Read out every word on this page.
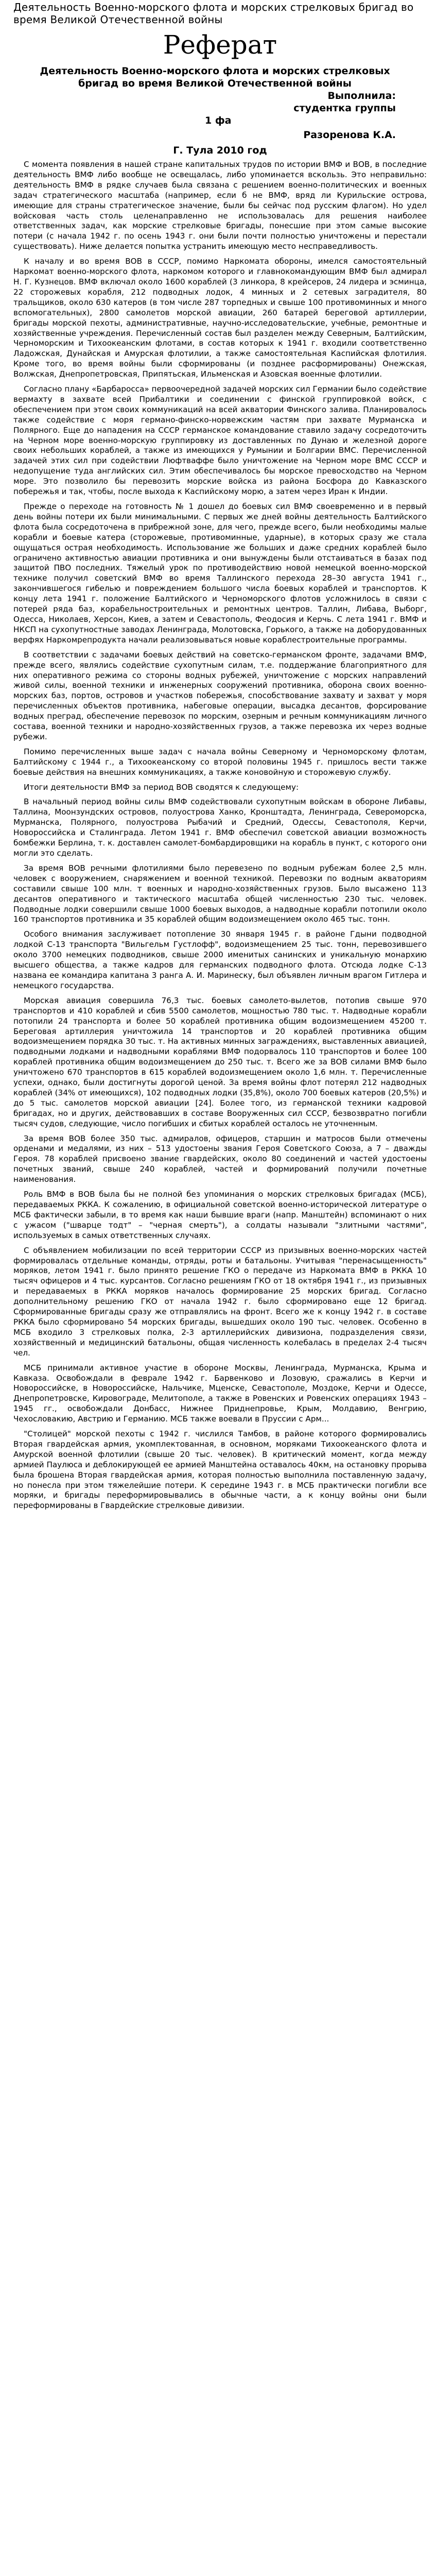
Деятельность Военно-морского флота и морских стрелковых бригад во время Великой Отечественной войны
Реферат
Деятельность Военно-морского флота и морских стрелковых бригад во время Великой Отечественной войны
Выполнила:
студентка группы
1 фа
Разоренова К.А.
Г. Тула 2010 год

С момента появления в нашей стране капитальных трудов по истории ВМФ и ВОВ, в последние деятельность ВМФ либо вообще не освещалась, либо упоминается вскользь. Это неправильно: деятельность ВМФ в рядке случаев была связана с решением военно-политических и военных задач стратегического масштаба (например, если б не ВМФ, вряд ли Курильские острова, имеющие для страны стратегическое значение, были бы сейчас под русским флагом). Но удел войсковая часть столь целенаправленно не использовалась для решения наиболее ответственных задач, как морские стрелковые бригады, понесшие при этом самые высокие потери (с начала 1942 г. по осень 1943 г. они были почти полностью уничтожены и перестали существовать). Ниже делается попытка устранить имеющую место несправедливость.

К началу и во время ВОВ в СССР, помимо Наркомата обороны, имелся самостоятельный Наркомат военно-морского флота, наркомом которого и главнокомандующим ВМФ был адмирал Н. Г. Кузнецов. ВМФ включал около 1600 кораблей (3 линкора, 8 крейсеров, 24 лидера и эсминца, 22 сторожевых корабля, 212 подводных лодок, 4 минных и 2 сетевых заградителя, 80 тральщиков, около 630 катеров (в том числе 287 торпедных и свыше 100 противоминных и много вспомогательных), 2800 самолетов морской авиации, 260 батарей береговой артиллерии, бригады морской пехоты, административные, научно-исследовательские, учебные, ремонтные и хозяйственные учреждения. Перечисленный состав был разделен между Северным, Балтийским, Черноморским и Тихоокеанским флотами, в состав которых к 1941 г. входили соответственно Ладожская, Дунайская и Амурская флотилии, а также самостоятельная Каспийская флотилия. Кроме того, во время войны были сформированы (и позднее расформированы) Онежская, Волжская, Днепропетровская, Припятьская, Ильменская и Азовская военные флотилии.

Согласно плану «Барбаросса» первоочередной задачей морских сил Германии было содействие вермахту в захвате всей Прибалтики и соединении с финской группировкой войск, с обеспечением при этом своих коммуникаций на всей акватории Финского залива. Планировалось также содействие с моря германо-финско-норвежским частям при захвате Мурманска и Полярного. Еще до нападения на СССР германское командование ставило задачу сосредоточить на Черном море военно-морскую группировку из доставленных по Дунаю и железной дороге своих небольших кораблей, а также из имеющихся у Румынии и Болгарии ВМС. Перечисленной задачей этих сил при содействии Люфтваффе было уничтожение на Черном море ВМС СССР и недопущение туда английских сил. Этим обеспечивалось бы морское превосходство на Черном море. Это позволило бы перевозить морские войска из района Босфора до Кавказского побережья и так, чтобы, после выхода к Каспийскому морю, а затем через Иран к Индии.

Прежде о переходе на готовность № 1 дошел до боевых сил ВМФ своевременно и в первый день войны потери их были минимальными. С первых же дней войны деятельность Балтийского флота была сосредоточена в прибрежной зоне, для чего, прежде всего, были необходимы малые корабли и боевые катера (сторожевые, противоминные, ударные), в которых сразу же стала ощущаться острая необходимость. Использование же больших и даже средних кораблей было ограничено активностью авиации противника и они вынуждены были отстаиваться в базах под защитой ПВО последних. Тяжелый урок по противодействию новой немецкой военно-морской технике получил советский ВМФ во время Таллинского перехода 28–30 августа 1941 г., закончившегося гибелью и повреждением большого числа боевых кораблей и транспортов. К концу лета 1941 г. положение Балтийского и Черноморского флотов усложнилось в связи с потерей ряда баз, корабельностроительных и ремонтных центров. Таллин, Либава, Выборг, Одесса, Николаев, Херсон, Киев, а затем и Севастополь, Феодосия и Керчь. С лета 1941 г. ВМФ и НКСП на сухопутностные заводах Ленинграда, Молотовска, Горького, а также на доборудованных верфях Наркомрепродукта начали реализовываться новые кораблестроительные программы.

В соответствии с задачами боевых действий на советско-германском фронте, задачами ВМФ, прежде всего, являлись содействие сухопутным силам, т.е. поддержание благоприятного для них оперативного режима со стороны водных рубежей, уничтожение с морских направлений живой силы, военной техники и инженерных сооружений противника, оборона своих военно-морских баз, портов, островов и участков побережья, способствование захвату и захват у моря перечисленных объектов противника, набеговые операции, высадка десантов, форсирование водных преград, обеспечение перевозок по морским, озерным и речным коммуникациям личного состава, военной техники и народно-хозяйственных грузов, а также перевозка их через водные рубежи.

Помимо перечисленных выше задач с начала войны Северному и Черноморскому флотам, Балтийскому с 1944 г., а Тихоокеанскому со второй половины 1945 г. пришлось вести также боевые действия на внешних коммуникациях, а также коновойную и сторожевую службу.

Итоги деятельности ВМФ за период ВОВ сводятся к следующему:

В начальный период войны силы ВМФ содействовали сухопутным войскам в обороне Либавы, Таллина, Моонзундских островов, полуострова Ханко, Кронштадта, Ленинграда, Североморска, Мурманска, Полярного, полуострова Рыбачий и Средний, Одессы, Севастополя, Керчи, Новороссийска и Сталинграда. Летом 1941 г. ВМФ обеспечил советской авиации возможность бомбежки Берлина, т. к. доставлен самолет-бомбардировщики на корабль в пункт, с которого они могли это сделать.

За время ВОВ речными флотилиями было перевезено по водным рубежам более 2,5 млн. человек с вооружением, снаряжением и военной техникой. Перевозки по водным акваториям составили свыше 100 млн. т военных и народно-хозяйственных грузов. Было высажено 113 десантов оперативного и тактического масштаба общей численностью 230 тыс. человек. Подводные лодки совершили свыше 1000 боевых выходов, а надводные корабли потопили около 160 транспортов противника и 35 кораблей общим водоизмещением около 465 тыс. тонн.

Особого внимания заслуживает потопление 30 января 1945 г. в районе Гдыни подводной лодкой С-13 транспорта "Вильгельм Густлофф", водоизмещением 25 тыс. тонн, перевозившего около 3700 немецких подводников, свыше 2000 именитых санинских и уникальную монархию высшего общества, а также кадров для германских подводного флота. Отсюда лодке С-13 названа ее командира капитана 3 ранга А. И. Маринеску, был объявлен личным врагом Гитлера и немецкого государства.

Морская авиация совершила 76,3 тыс. боевых самолето-вылетов, потопив свыше 970 транспортов и 410 кораблей и сбив 5500 самолетов, мощностью 780 тыс. т. Надводные корабли потопили 24 транспорта и более 50 кораблей противника общим водоизмещением 45200 т. Береговая артиллерия уничтожила 14 транспортов и 20 кораблей противника общим водоизмещением порядка 30 тыс. т. На активных минных заграждениях, выставленных авиацией, подводными лодками и надводными кораблями ВМФ подорвалось 110 транспортов и более 100 кораблей противника общим водоизмещением до 250 тыс. т. Всего же за ВОВ силами ВМФ было уничтожено 670 транспортов в 615 кораблей водоизмещением около 1,6 млн. т. Перечисленные успехи, однако, были достигнуты дорогой ценой. За время войны флот потерял 212 надводных кораблей (34% от имеющихся), 102 подводных лодки (35,8%), около 700 боевых катеров (20,5%) и до 5 тыс. самолетов морской авиации [24]. Более того, из германской техники кадровой бригадах, но и других, действовавших в составе Вооруженных сил СССР, безвозвратно погибли тысяч судов, следующие, число погибших и сбитых кораблей осталось не уточненным.

За время ВОВ более 350 тыс. адмиралов, офицеров, старшин и матросов были отмечены орденами и медалями, из них – 513 удостоены звания Героя Советского Союза, а 7 – дважды Героя. 78 кораблей присвоено звание гвардейских, около 80 соединений и частей удостоены почетных званий, свыше 240 кораблей, частей и формирований получили почетные наименования.

Роль ВМФ в ВОВ была бы не полной без упоминания о морских стрелковых бригадах (МСБ), передаваемых РККА. К сожалению, в официальной советской военно-исторической литературе о МСБ фактически забыли, в то время как наши бывшие враги (напр. Манштейн) вспоминают о них с ужасом ("шварце тодт" – "черная смерть"), а солдаты называли "злитными частями", используемых в самых ответственных случаях.

С объявлением мобилизации по всей территории СССР из призывных военно-морских частей формировалась отдельные команды, отряды, роты и батальоны. Учитывая "перенасыщенность" моряков, летом 1941 г. было принято решение ГКО о передаче из Наркомата ВМФ в РККА 10 тысяч офицеров и 4 тыс. курсантов. Согласно решениям ГКО от 18 октября 1941 г., из призывных и передаваемых в РККА моряков началось формирование 25 морских бригад. Согласно дополнительному решению ГКО от начала 1942 г. было сформировано еще 12 бригад. Сформированные бригады сразу же отправлялись на фронт. Всего же к концу 1942 г. в составе РККА было сформировано 54 морских бригады, вышедших около 190 тыс. человек. Особенно в МСБ входило 3 стрелковых полка, 2-3 артиллерийских дивизиона, подразделения связи, хозяйственный и медицинский батальоны, общая численность колебалась в пределах 2-4 тысяч чел.

МСБ принимали активное участие в обороне Москвы, Ленинграда, Мурманска, Крыма и Кавказа. Освобождали в феврале 1942 г. Барвенково и Лозовую, сражались в Керчи и Новороссийске, в Новороссийске, Нальчике, Мценске, Севастополе, Моздоке, Керчи и Одессе, Днепропетровске, Кировограде, Мелитополе, а также в Ровенских и Ровенских операциях 1943 – 1945 гг., освобождали Донбасс, Нижнее Приднепровье, Крым, Молдавию, Венгрию, Чехословакию, Австрию и Германию. МСБ также воевали в Пруссии с Арм...

"Столицей" морской пехоты с 1942 г. числился Тамбов, в районе которого формировались Вторая гвардейская армия, укомплектованная, в основном, моряками Тихоокеанского флота и Амурской военной флотилии (свыше 20 тыс. человек). В критический момент, когда между армией Паулюса и деблокирующей ее армией Манштейна оставалось 40км, на остановку прорыва была брошена Вторая гвардейская армия, которая полностью выполнила поставленную задачу, но понесла при этом тяжелейшие потери. К середине 1943 г. в МСБ практически погибли все моряки, и бригады переформировывались в обычные части, а к концу войны они были переформированы в Гвардейские стрелковые дивизии.
